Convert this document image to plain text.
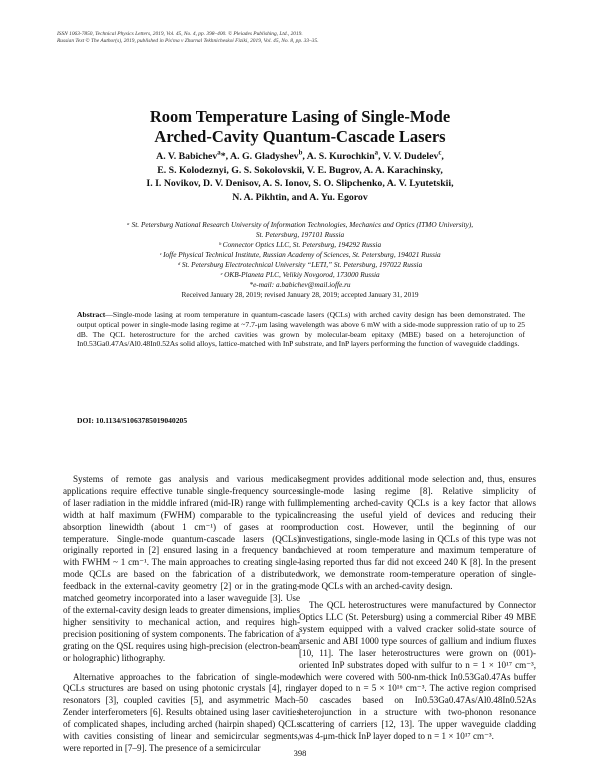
ISSN 1063-7850, Technical Physics Letters, 2019, Vol. 45, No. 4, pp. 398–400. © Pleiades Publishing, Ltd., 2019.
Russian Text © The Author(s), 2019, published in Pis'ma v Zhurnal Tekhnicheskoi Fiziki, 2019, Vol. 45, No. 8, pp. 33–35.
Room Temperature Lasing of Single-Mode
Arched-Cavity Quantum-Cascade Lasers
A. V. Babichev$^a$*, A. G. Gladyshev$^b$, A. S. Kurochkin$^a$, V. V. Dudelev$^c$,
E. S. Kolodeznyi, G. S. Sokolovskii, V. E. Bugrov, A. A. Karachinsky,
I. I. Novikov, D. V. Denisov, A. S. Ionov, S. O. Slipchenko, A. V. Lyutetskii,
N. A. Pikhtin, and A. Yu. Egorov
ᵃ St. Petersburg National Research University of Information Technologies, Mechanics and Optics (ITMO University),
St. Petersburg, 197101 Russia
ᵇ Connector Optics LLC, St. Petersburg, 194292 Russia
ᶜ Ioffe Physical Technical Institute, Russian Academy of Sciences, St. Petersburg, 194021 Russia
ᵈ St. Petersburg Electrotechnical University “LETI,” St. Petersburg, 197022 Russia
ᵉ OKB-Planeta PLC, Velikiy Novgorod, 173000 Russia
*e-mail: a.babichev@mail.ioffe.ru
Received January 28, 2019; revised January 28, 2019; accepted January 31, 2019
Abstract—Single-mode lasing at room temperature in quantum-cascade lasers (QCLs) with arched cavity design has been demonstrated. The output optical power in single-mode lasing regime at ~7.7-μm lasing wavelength was above 6 mW with a side-mode suppression ratio of up to 25 dB. The QCL heterostructure for the arched cavities was grown by molecular-beam epitaxy (MBE) based on a heterojunction of In0.53Ga0.47As/Al0.48In0.52As solid alloys, lattice-matched with InP substrate, and InP layers performing the function of waveguide claddings.
DOI: 10.1134/S1063785019040205

Systems of remote gas analysis and various medical applications require effective tunable single-frequency sources of laser radiation in the middle infrared (mid-IR) range with full width at half maximum (FWHM) comparable to the typical absorption linewidth (about 1 cm⁻¹) of gases at room temperature. Single-mode quantum-cascade lasers (QCLs) originally reported in [2] ensured lasing in a frequency band with FWHM ~ 1 cm⁻¹. The main approaches to creating single-mode QCLs are based on the fabrication of a distributed feedback in the external-cavity geometry [2] or in the grating-matched geometry incorporated into a laser waveguide [3]. Use of the external-cavity design leads to greater dimensions, implies higher sensitivity to mechanical action, and requires high-precision positioning of system components. The fabrication of a grating on the QSL requires using high-precision (electron-beam or holographic) lithography.

Alternative approaches to the fabrication of single-mode QCLs structures are based on using photonic crystals [4], ring resonators [3], coupled cavities [5], and asymmetric Mach–Zender interferometers [6]. Results obtained using laser cavities of complicated shapes, including arched (hairpin shaped) QCLs with cavities consisting of linear and semicircular segments, were reported in [7–9]. The presence of a semicircular

segment provides additional mode selection and, thus, ensures single-mode lasing regime [8]. Relative simplicity of implementing arched-cavity QCLs is a key factor that allows increasing the useful yield of devices and reducing their production cost. However, until the beginning of our investigations, single-mode lasing in QCLs of this type was not achieved at room temperature and maximum temperature of lasing reported thus far did not exceed 240 K [8]. In the present work, we demonstrate room-temperature operation of single-mode QCLs with an arched-cavity design.

The QCL heterostructures were manufactured by Connector Optics LLC (St. Petersburg) using a commercial Riber 49 MBE system equipped with a valved cracker solid-state source of arsenic and ABI 1000 type sources of gallium and indium fluxes [10, 11]. The laser heterostructures were grown on (001)-oriented InP substrates doped with sulfur to n = 1 × 10¹⁷ cm⁻³, which were covered with 500-nm-thick In0.53Ga0.47As buffer layer doped to n = 5 × 10¹⁶ cm⁻³. The active region comprised 50 cascades based on In0.53Ga0.47As/Al0.48In0.52As heterojunction in a structure with two-phonon resonance scattering of carriers [12, 13]. The upper waveguide cladding was 4-μm-thick InP layer doped to n = 1 × 10¹⁷ cm⁻³.

398
